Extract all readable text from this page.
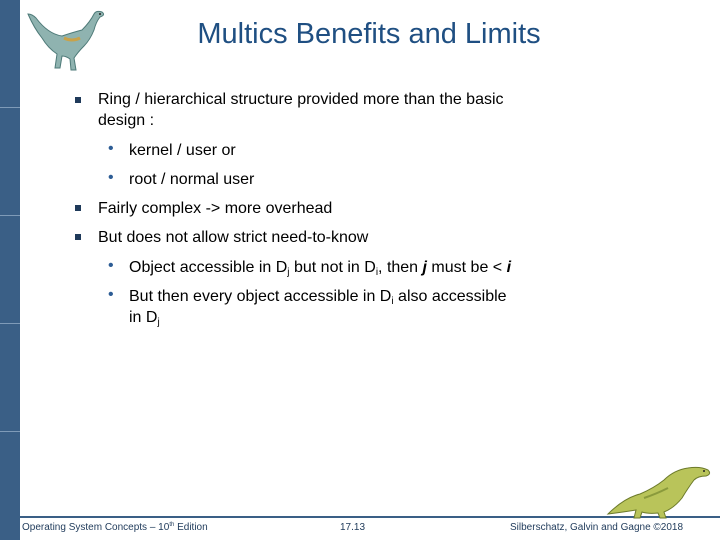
Multics Benefits and Limits
Ring / hierarchical structure provided more than the basic
design :
• kernel / user or
• root / normal user
Fairly complex -> more overhead
But does not allow strict need-to-know
• Object accessible in $D_j$ but not in $D_i$, then j must be < i
• But then every object accessible in $D_i$ also accessible
in $D_j$
Operating System Concepts – 10th Edition	17.13	Silberschatz, Galvin and Gagne ©2018
